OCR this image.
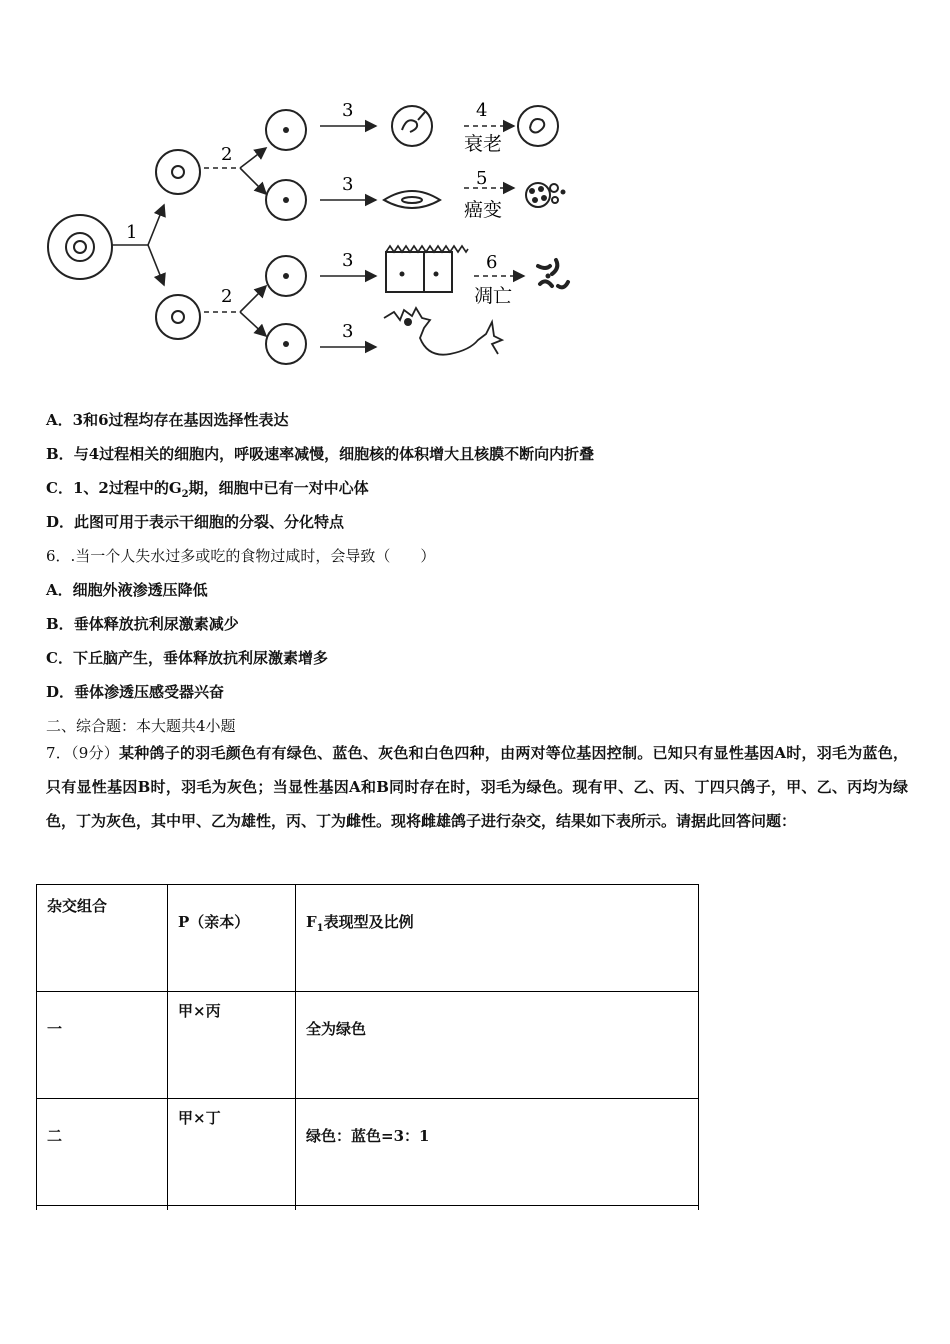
1
2
2
3
3
3
3
4
衰老
5
癌变
6
凋亡
A．3和6过程均存在基因选择性表达
B．与4过程相关的细胞内，呼吸速率减慢，细胞核的体积增大且核膜不断向内折叠
C．1、2过程中的$G_2$期，细胞中已有一对中心体
D．此图可用于表示干细胞的分裂、分化特点
6．.当一个人失水过多或吃的食物过咸时，会导致（　　）
A．细胞外液渗透压降低
B．垂体释放抗利尿激素减少
C．下丘脑产生，垂体释放抗利尿激素增多
D．垂体渗透压感受器兴奋
二、综合题：本大题共4小题
7．（9分）某种鸽子的羽毛颜色有有绿色、蓝色、灰色和白色四种，由两对等位基因控制。已知只有显性基因A时，羽毛为蓝色，只有显性基因B时，羽毛为灰色；当显性基因A和B同时存在时，羽毛为绿色。现有甲、乙、丙、丁四只鸽子，甲、乙、丙均为绿色，丁为灰色，其中甲、乙为雄性，丙、丁为雌性。现将雌雄鸽子进行杂交，结果如下表所示。请据此回答问题：
杂交组合	P（亲本）	$F_1$表现型及比例
一	甲×丙	全为绿色
二	甲×丁	绿色：蓝色=3：1
